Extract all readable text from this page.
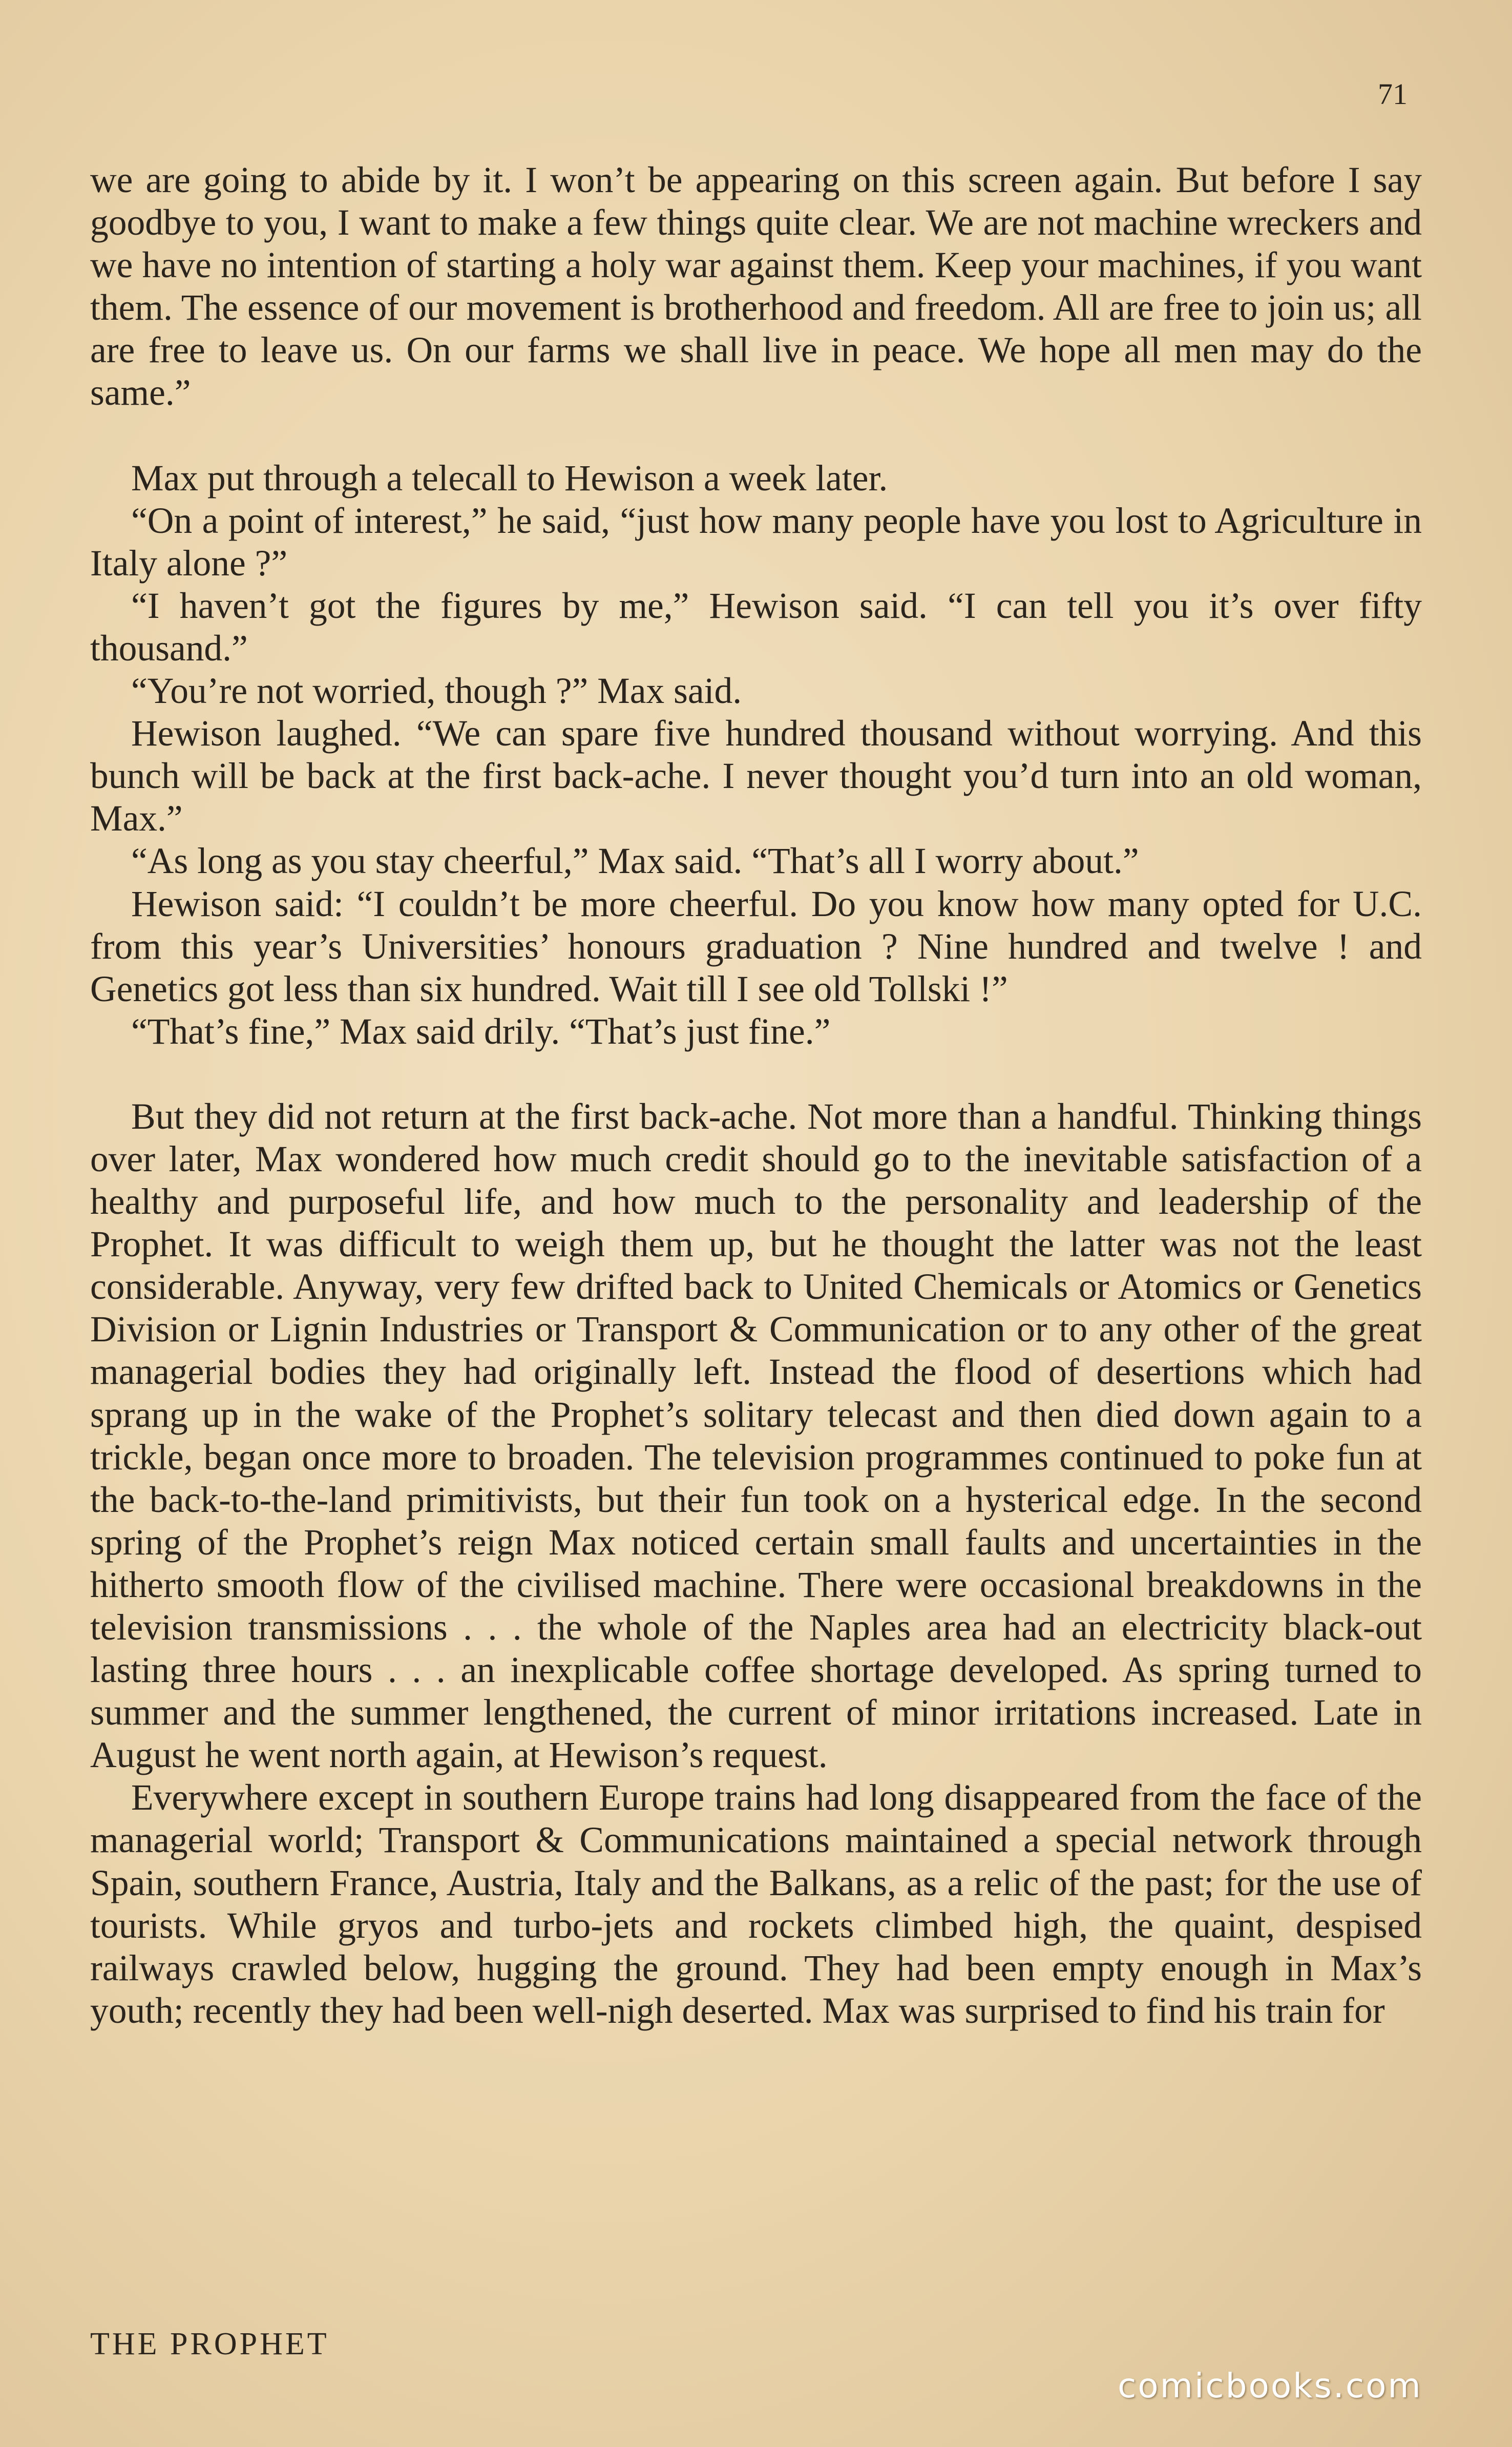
71

we are going to abide by it. I won’t be appearing on this screen again. But before I say goodbye to you, I want to make a few things quite clear. We are not machine wreckers and we have no intention of starting a holy war against them. Keep your machines, if you want them. The essence of our movement is brotherhood and freedom. All are free to join us; all are free to leave us. On our farms we shall live in peace. We hope all men may do the same.”

Max put through a telecall to Hewison a week later.

“On a point of interest,” he said, “just how many people have you lost to Agriculture in Italy alone ?”

“I haven’t got the figures by me,” Hewison said. “I can tell you it’s over fifty thousand.”

“You’re not worried, though ?” Max said.

Hewison laughed. “We can spare five hundred thousand without worrying. And this bunch will be back at the first back-ache. I never thought you’d turn into an old woman, Max.”

“As long as you stay cheerful,” Max said. “That’s all I worry about.”

Hewison said: “I couldn’t be more cheerful. Do you know how many opted for U.C. from this year’s Universities’ honours graduation ? Nine hundred and twelve ! and Genetics got less than six hundred. Wait till I see old Tollski !”

“That’s fine,” Max said drily. “That’s just fine.”

But they did not return at the first back-ache. Not more than a handful. Thinking things over later, Max wondered how much credit should go to the inevitable satisfaction of a healthy and purposeful life, and how much to the personality and leadership of the Prophet. It was difficult to weigh them up, but he thought the latter was not the least considerable. Anyway, very few drifted back to United Chemicals or Atomics or Genetics Division or Lignin Industries or Transport & Communication or to any other of the great managerial bodies they had originally left. Instead the flood of desertions which had sprang up in the wake of the Prophet’s solitary telecast and then died down again to a trickle, began once more to broaden. The television programmes continued to poke fun at the back-to-the-land primitivists, but their fun took on a hysterical edge. In the second spring of the Prophet’s reign Max noticed certain small faults and uncertainties in the hitherto smooth flow of the civilised machine. There were occasional breakdowns in the television transmissions . . . the whole of the Naples area had an electricity black-out lasting three hours . . . an inexplicable coffee shortage developed. As spring turned to summer and the summer lengthened, the current of minor irritations increased. Late in August he went north again, at Hewison’s request.

Everywhere except in southern Europe trains had long disappeared from the face of the managerial world; Transport & Communications maintained a special network through Spain, southern France, Austria, Italy and the Balkans, as a relic of the past; for the use of tourists. While gryos and turbo-jets and rockets climbed high, the quaint, despised railways crawled below, hugging the ground. They had been empty enough in Max’s youth; recently they had been well-nigh deserted. Max was surprised to find his train for

THE PROPHET
comicbooks.com
